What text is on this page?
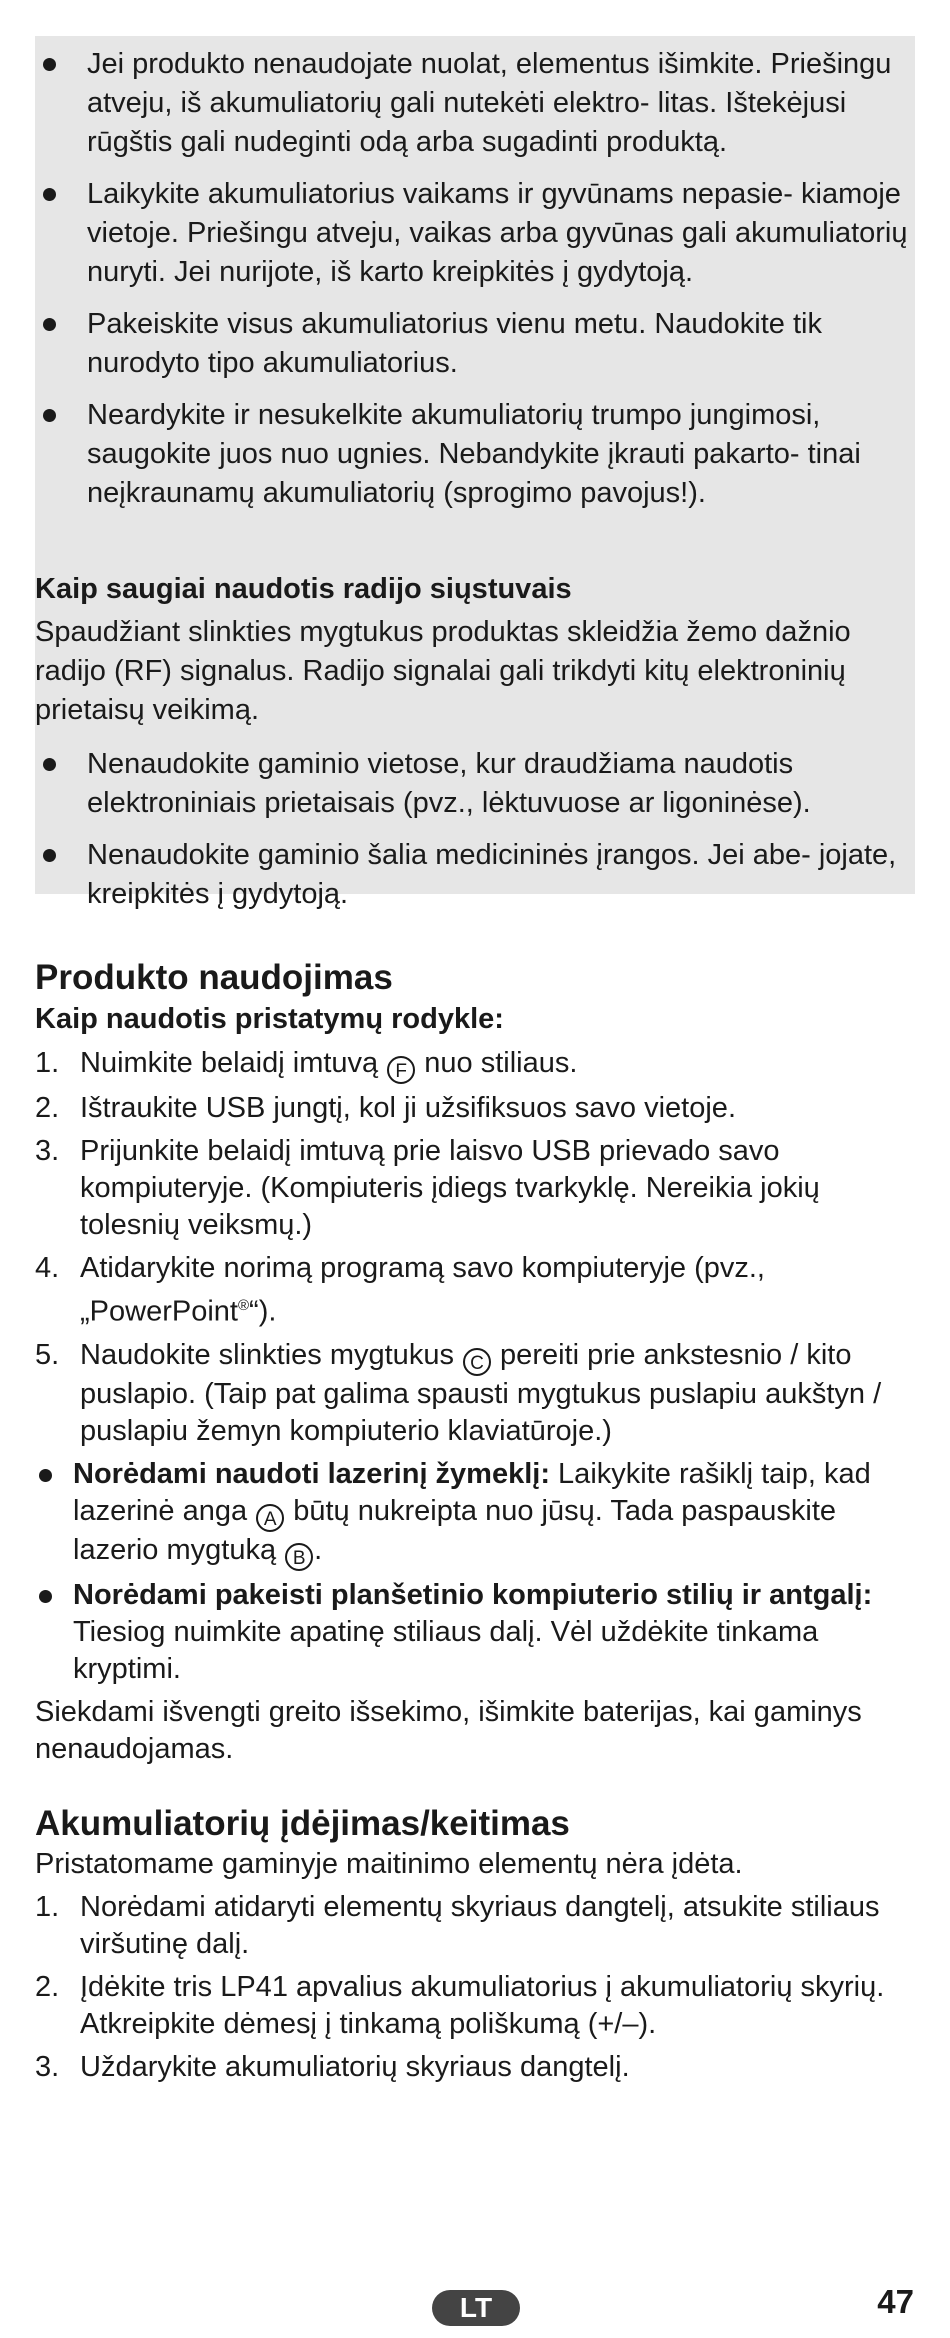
Jei produkto nenaudojate nuolat, elementus išimkite. Priešingu atveju, iš akumuliatorių gali nutekėti elektro- litas. Ištekėjusi rūgštis gali nudeginti odą arba sugadinti produktą.
Laikykite akumuliatorius vaikams ir gyvūnams nepasie- kiamoje vietoje. Priešingu atveju, vaikas arba gyvūnas gali akumuliatorių nuryti. Jei nurijote, iš karto kreipkitės į gydytoją.
Pakeiskite visus akumuliatorius vienu metu. Naudokite tik nurodyto tipo akumuliatorius.
Neardykite ir nesukelkite akumuliatorių trumpo jungimosi, saugokite juos nuo ugnies. Nebandykite įkrauti pakarto- tinai neįkraunamų akumuliatorių (sprogimo pavojus!).

Kaip saugiai naudotis radijo siųstuvais

Spaudžiant slinkties mygtukus produktas skleidžia žemo dažnio radijo (RF) signalus. Radijo signalai gali trikdyti kitų elektroninių prietaisų veikimą.

Nenaudokite gaminio vietose, kur draudžiama naudotis elektroniniais prietaisais (pvz., lėktuvuose ar ligoninėse).
Nenaudokite gaminio šalia medicininės įrangos. Jei abe- jojate, kreipkitės į gydytoją.

Produkto naudojimas

Kaip naudotis pristatymų rodykle:

1. Nuimkite belaidį imtuvą F nuo stiliaus.
2. Ištraukite USB jungtį, kol ji užsifiksuos savo vietoje.
3. Prijunkite belaidį imtuvą prie laisvo USB prievado savo kompiuteryje. (Kompiuteris įdiegs tvarkyklę. Nereikia jokių tolesnių veiksmų.)
4. Atidarykite norimą programą savo kompiuteryje (pvz., „PowerPoint®“).
5. Naudokite slinkties mygtukus C pereiti prie ankstesnio / kito puslapio. (Taip pat galima spausti mygtukus puslapiu aukštyn / puslapiu žemyn kompiuterio klaviatūroje.)
Norėdami naudoti lazerinį žymeklį: Laikykite rašiklį taip, kad lazerinė anga A būtų nukreipta nuo jūsų. Tada paspauskite lazerio mygtuką B .
Norėdami pakeisti planšetinio kompiuterio stilių ir antgalį: Tiesiog nuimkite apatinę stiliaus dalį. Vėl uždėkite tinkama kryptimi.

Siekdami išvengti greito išsekimo, išimkite baterijas, kai gaminys nenaudojamas.

Akumuliatorių įdėjimas/keitimas

Pristatomame gaminyje maitinimo elementų nėra įdėta.

1. Norėdami atidaryti elementų skyriaus dangtelį, atsukite stiliaus viršutinę dalį.
2. Įdėkite tris LP41 apvalius akumuliatorius į akumuliatorių skyrių. Atkreipkite dėmesį į tinkamą poliškumą (+/–).
3. Uždarykite akumuliatorių skyriaus dangtelį.
LT	47
